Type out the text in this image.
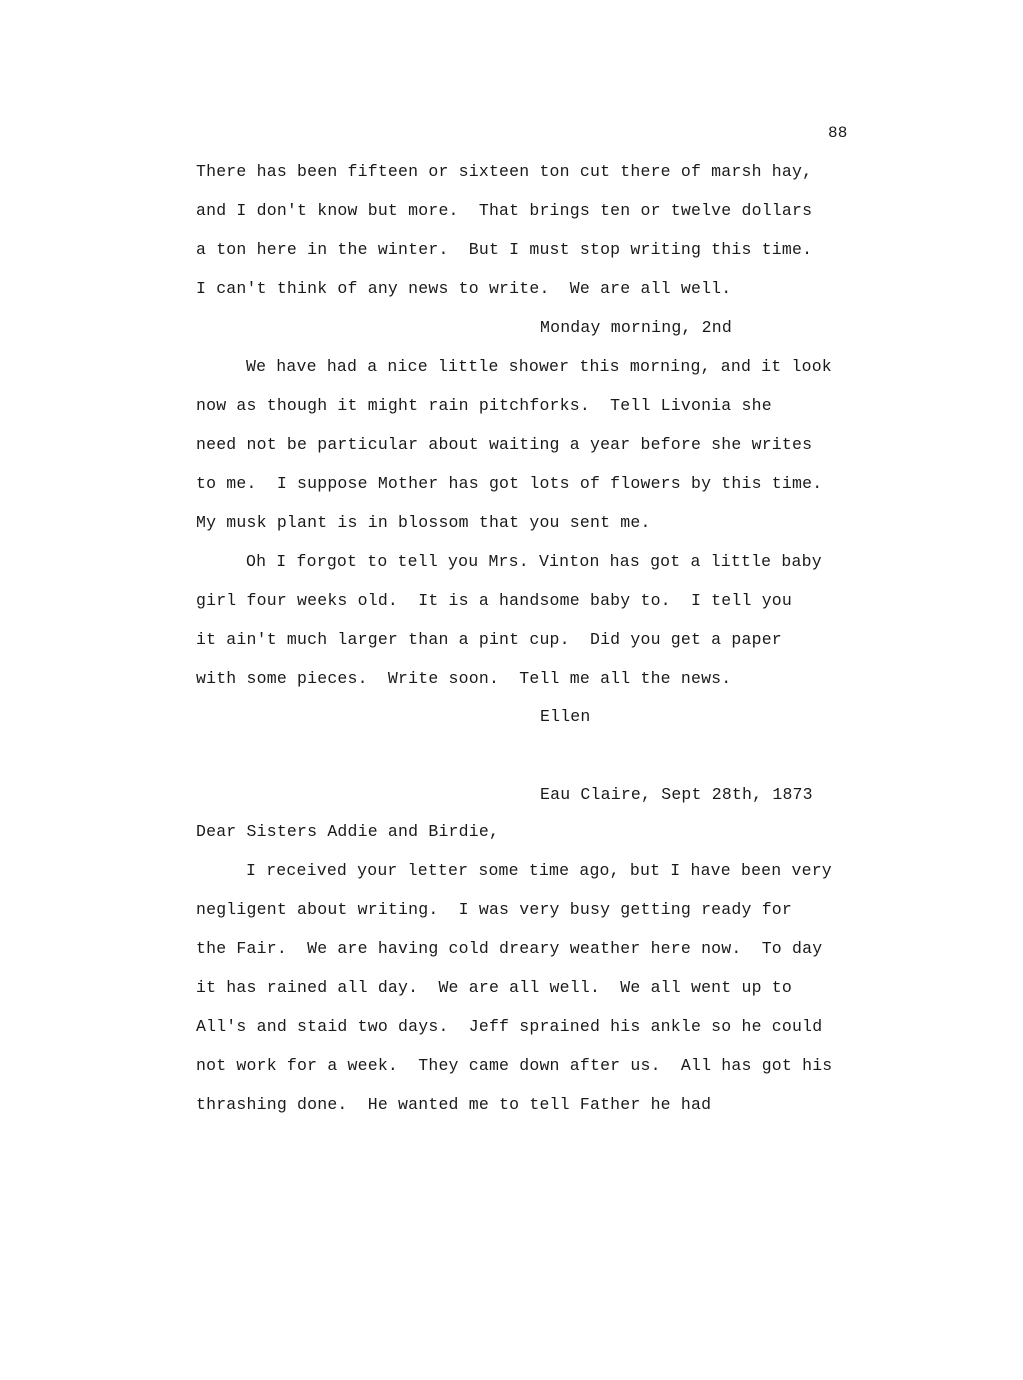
88
There has been fifteen or sixteen ton cut there of marsh hay,
and I don't know but more.  That brings ten or twelve dollars
a ton here in the winter.  But I must stop writing this time.
I can't think of any news to write.  We are all well.
Monday morning, 2nd
We have had a nice little shower this morning, and it look
now as though it might rain pitchforks.  Tell Livonia she
need not be particular about waiting a year before she writes
to me.  I suppose Mother has got lots of flowers by this time.
My musk plant is in blossom that you sent me.
Oh I forgot to tell you Mrs. Vinton has got a little baby
girl four weeks old.  It is a handsome baby to.  I tell you
it ain't much larger than a pint cup.  Did you get a paper
with some pieces.  Write soon.  Tell me all the news.
Ellen
Eau Claire, Sept 28th, 1873
Dear Sisters Addie and Birdie,
I received your letter some time ago, but I have been very
negligent about writing.  I was very busy getting ready for
the Fair.  We are having cold dreary weather here now.  To day
it has rained all day.  We are all well.  We all went up to
All's and staid two days.  Jeff sprained his ankle so he could
not work for a week.  They came down after us.  All has got his
thrashing done.  He wanted me to tell Father he had
